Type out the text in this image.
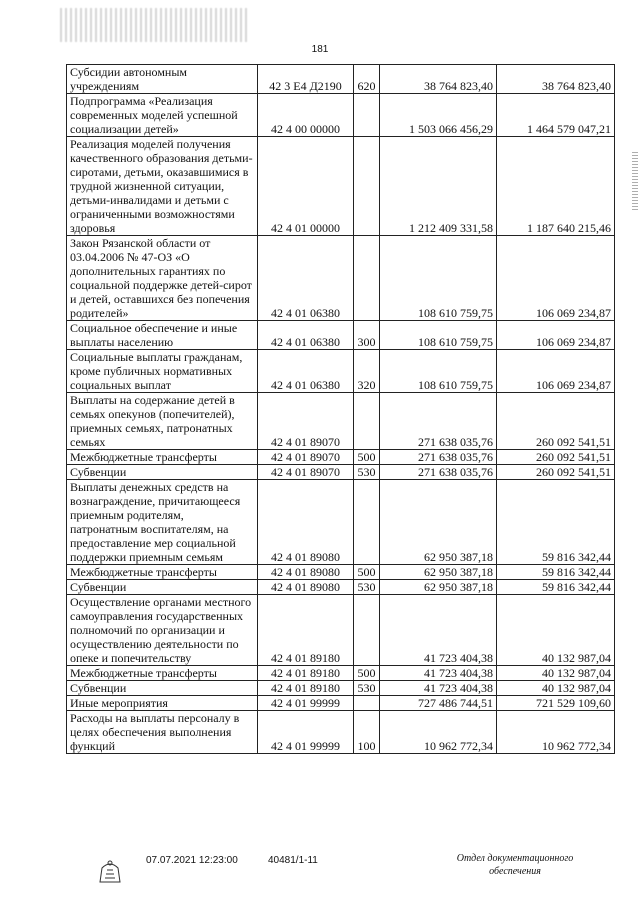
181
Субсидии автономным учреждениям	42 3 Е4 Д2190	620	38 764 823,40	38 764 823,40
Подпрограмма «Реализация современных моделей успешной социализации детей»	42 4 00 00000		1 503 066 456,29	1 464 579 047,21
Реализация моделей получения качественного образования детьми-сиротами, детьми, оказавшимися в трудной жизненной ситуации, детьми-инвалидами и детьми с ограниченными возможностями здоровья	42 4 01 00000		1 212 409 331,58	1 187 640 215,46
Закон Рязанской области от 03.04.2006 № 47-ОЗ «О дополнительных гарантиях по социальной поддержке детей-сирот и детей, оставшихся без попечения родителей»	42 4 01 06380		108 610 759,75	106 069 234,87
Социальное обеспечение и иные выплаты населению	42 4 01 06380	300	108 610 759,75	106 069 234,87
Социальные выплаты гражданам, кроме публичных нормативных социальных выплат	42 4 01 06380	320	108 610 759,75	106 069 234,87
Выплаты на содержание детей в семьях опекунов (попечителей), приемных семьях, патронатных семьях	42 4 01 89070		271 638 035,76	260 092 541,51
Межбюджетные трансферты	42 4 01 89070	500	271 638 035,76	260 092 541,51
Субвенции	42 4 01 89070	530	271 638 035,76	260 092 541,51
Выплаты денежных средств на вознаграждение, причитающееся приемным родителям, патронатным воспитателям, на предоставление мер социальной поддержки приемным семьям	42 4 01 89080		62 950 387,18	59 816 342,44
Межбюджетные трансферты	42 4 01 89080	500	62 950 387,18	59 816 342,44
Субвенции	42 4 01 89080	530	62 950 387,18	59 816 342,44
Осуществление органами местного самоуправления государственных полномочий по организации и осуществлению деятельности по опеке и попечительству	42 4 01 89180		41 723 404,38	40 132 987,04
Межбюджетные трансферты	42 4 01 89180	500	41 723 404,38	40 132 987,04
Субвенции	42 4 01 89180	530	41 723 404,38	40 132 987,04
Иные мероприятия	42 4 01 99999		727 486 744,51	721 529 109,60
Расходы на выплаты персоналу в целях обеспечения выполнения функций	42 4 01 99999	100	10 962 772,34	10 962 772,34
07.07.2021 12:23:00	40481/1-11	Отдел документационного обеспечения
